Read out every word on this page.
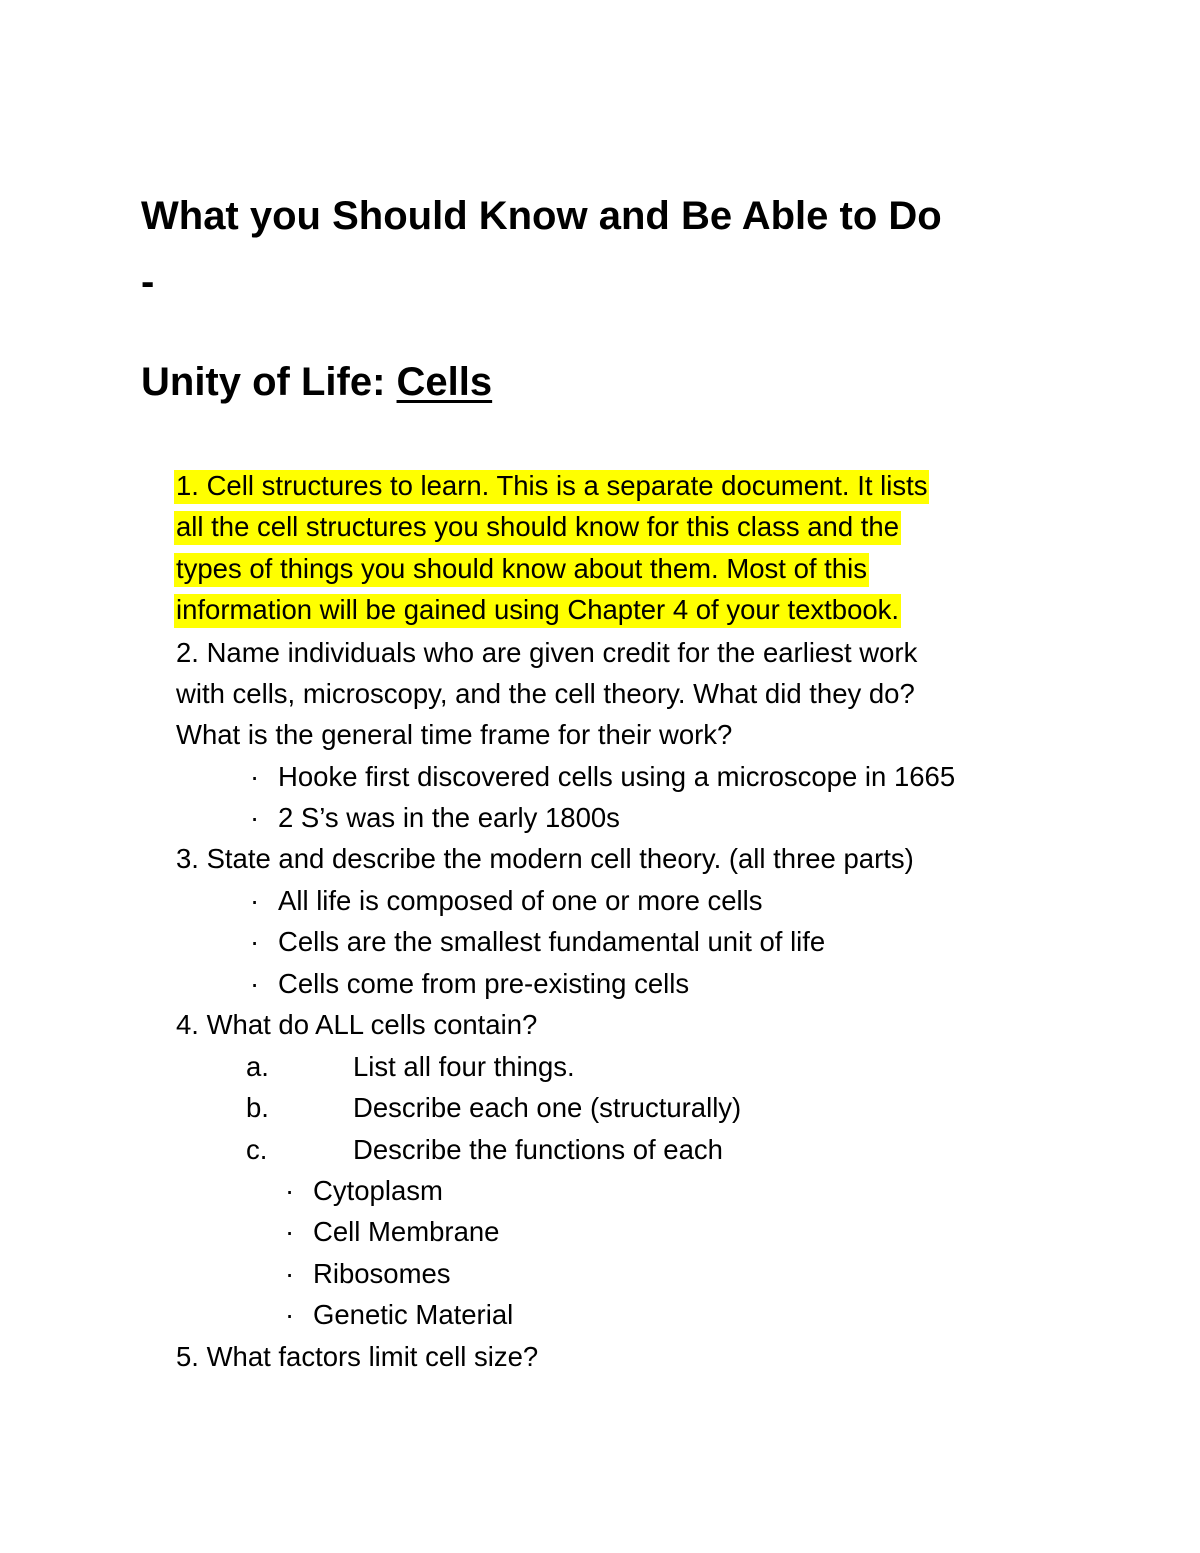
What you Should Know and Be Able to Do
-
Unity of Life: Cells
1. Cell structures to learn. This is a separate document. It lists
all the cell structures you should know for this class and the
types of things you should know about them. Most of this
information will be gained using Chapter 4 of your textbook.
2. Name individuals who are given credit for the earliest work
with cells, microscopy, and the cell theory. What did they do?
What is the general time frame for their work?
· Hooke first discovered cells using a microscope in 1665
· 2 S’s was in the early 1800s
3. State and describe the modern cell theory. (all three parts)
· All life is composed of one or more cells
· Cells are the smallest fundamental unit of life
· Cells come from pre-existing cells
4. What do ALL cells contain?
a.	List all four things.
b.	Describe each one (structurally)
c.	Describe the functions of each
· Cytoplasm
· Cell Membrane
· Ribosomes
· Genetic Material
5. What factors limit cell size?
